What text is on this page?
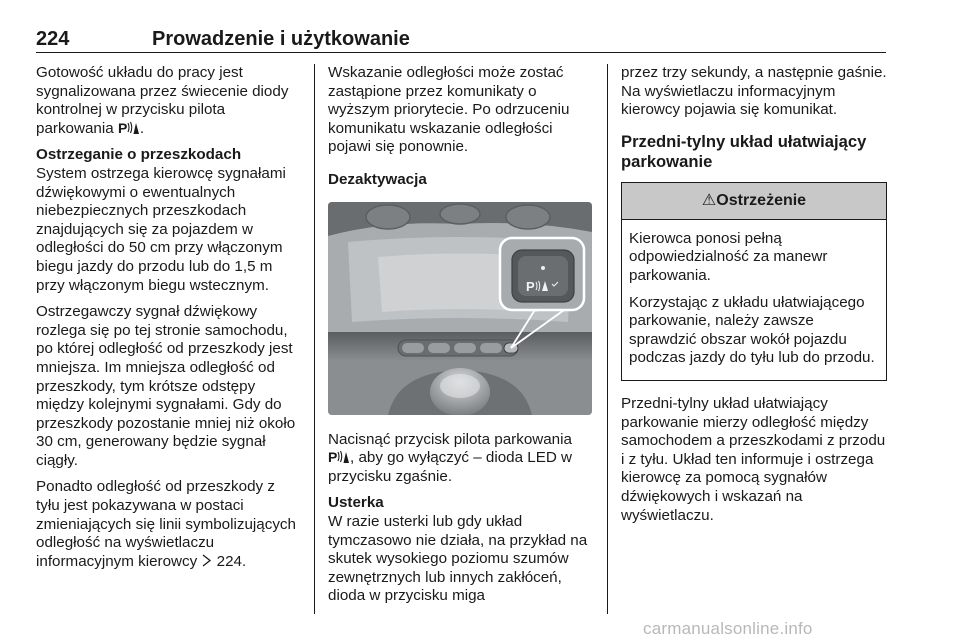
224	Prowadzenie i użytkowanie

Gotowość układu do pracy jest sygnalizowana przez świecenie diody kontrolnej w przycisku pilota parkowania P .

Ostrzeganie o przeszkodach
System ostrzega kierowcę sygnałami dźwiękowymi o ewentualnych niebezpiecznych przeszkodach znajdujących się za pojazdem w odległości do 50 cm przy włączonym biegu jazdy do przodu lub do 1,5 m przy włączonym biegu wstecznym.

Ostrzegawczy sygnał dźwiękowy rozlega się po tej stronie samochodu, po której odległość od przeszkody jest mniejsza. Im mniejsza odległość od przeszkody, tym krótsze odstępy między kolejnymi sygnałami. Gdy do przeszkody pozostanie mniej niż około 30 cm, generowany będzie sygnał ciągły.

Ponadto odległość od przeszkody z tyłu jest pokazywana w postaci zmieniających się linii symbolizujących odległość na wyświetlaczu informacyjnym kierowcy  224.

Wskazanie odległości może zostać zastąpione przez komunikaty o wyższym priorytecie. Po odrzuceniu komunikatu wskazanie odległości pojawi się ponownie.

Dezaktywacja

P

Nacisnąć przycisk pilota parkowania
P , aby go wyłączyć – dioda LED w przycisku zgaśnie.

Usterka
W razie usterki lub gdy układ tymczasowo nie działa, na przykład na skutek wysokiego poziomu szumów zewnętrznych lub innych zakłóceń, dioda w przycisku miga

przez trzy sekundy, a następnie gaśnie. Na wyświetlaczu informacyjnym kierowcy pojawia się komunikat.

Przedni-tylny układ ułatwiający parkowanie

⚠Ostrzeżenie

Kierowca ponosi pełną odpowiedzialność za manewr parkowania.

Korzystając z układu ułatwiającego parkowanie, należy zawsze sprawdzić obszar wokół pojazdu podczas jazdy do tyłu lub do przodu.

Przedni-tylny układ ułatwiający parkowanie mierzy odległość między samochodem a przeszkodami z przodu i z tyłu. Układ ten informuje i ostrzega kierowcę za pomocą sygnałów dźwiękowych i wskazań na wyświetlaczu.

carmanualsonline.info
